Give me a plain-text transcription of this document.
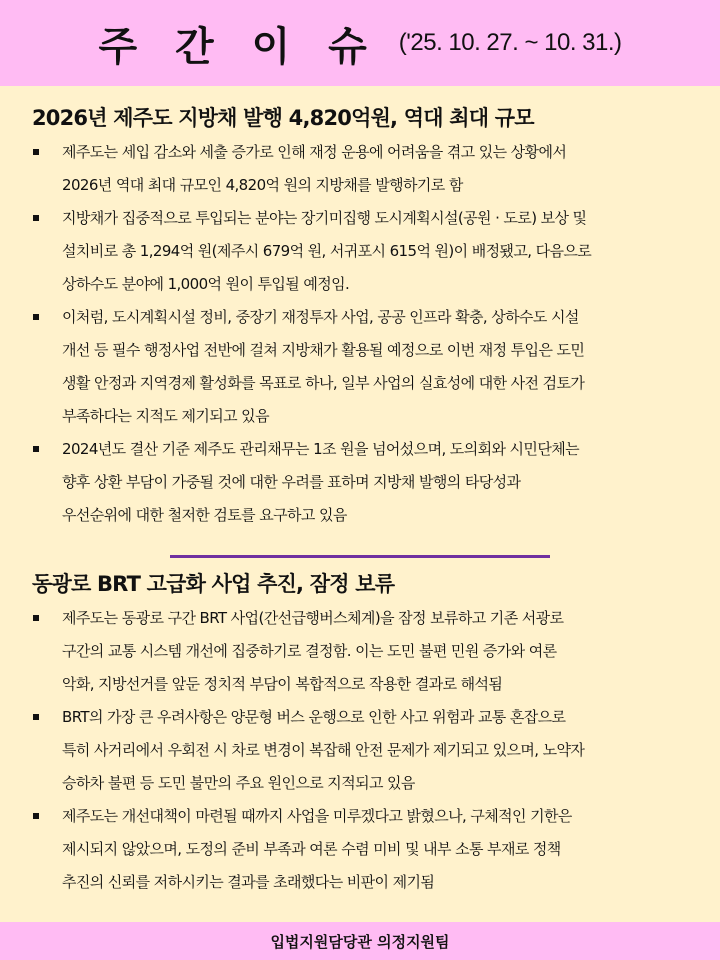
주 간 이 슈 ('25. 10. 27. ~ 10. 31.)
2026년 제주도 지방채 발행 4,820억원, 역대 최대 규모
제주도는 세입 감소와 세출 증가로 인해 재정 운용에 어려움을 겪고 있는 상황에서
2026년 역대 최대 규모인 4,820억 원의 지방채를 발행하기로 함
지방채가 집중적으로 투입되는 분야는 장기미집행 도시계획시설(공원 · 도로) 보상 및
설치비로 총 1,294억 원(제주시 679억 원, 서귀포시 615억 원)이 배정됐고, 다음으로
상하수도 분야에 1,000억 원이 투입될 예정임.
이처럼, 도시계획시설 정비, 중장기 재정투자 사업, 공공 인프라 확충, 상하수도 시설
개선 등 필수 행정사업 전반에 걸쳐 지방채가 활용될 예정으로 이번 재정 투입은 도민
생활 안정과 지역경제 활성화를 목표로 하나, 일부 사업의 실효성에 대한 사전 검토가
부족하다는 지적도 제기되고 있음
2024년도 결산 기준 제주도 관리채무는 1조 원을 넘어섰으며, 도의회와 시민단체는
향후 상환 부담이 가중될 것에 대한 우려를 표하며 지방채 발행의 타당성과
우선순위에 대한 철저한 검토를 요구하고 있음
동광로 BRT 고급화 사업 추진, 잠정 보류
제주도는 동광로 구간 BRT 사업(간선급행버스체계)을 잠정 보류하고 기존 서광로
구간의 교통 시스템 개선에 집중하기로 결정함. 이는 도민 불편 민원 증가와 여론
악화, 지방선거를 앞둔 정치적 부담이 복합적으로 작용한 결과로 해석됨
BRT의 가장 큰 우려사항은 양문형 버스 운행으로 인한 사고 위험과 교통 혼잡으로
특히 사거리에서 우회전 시 차로 변경이 복잡해 안전 문제가 제기되고 있으며, 노약자
승하차 불편 등 도민 불만의 주요 원인으로 지적되고 있음
제주도는 개선대책이 마련될 때까지 사업을 미루겠다고 밝혔으나, 구체적인 기한은
제시되지 않았으며, 도정의 준비 부족과 여론 수렴 미비 및 내부 소통 부재로 정책
추진의 신뢰를 저하시키는 결과를 초래했다는 비판이 제기됨
입법지원담당관 의정지원팀
